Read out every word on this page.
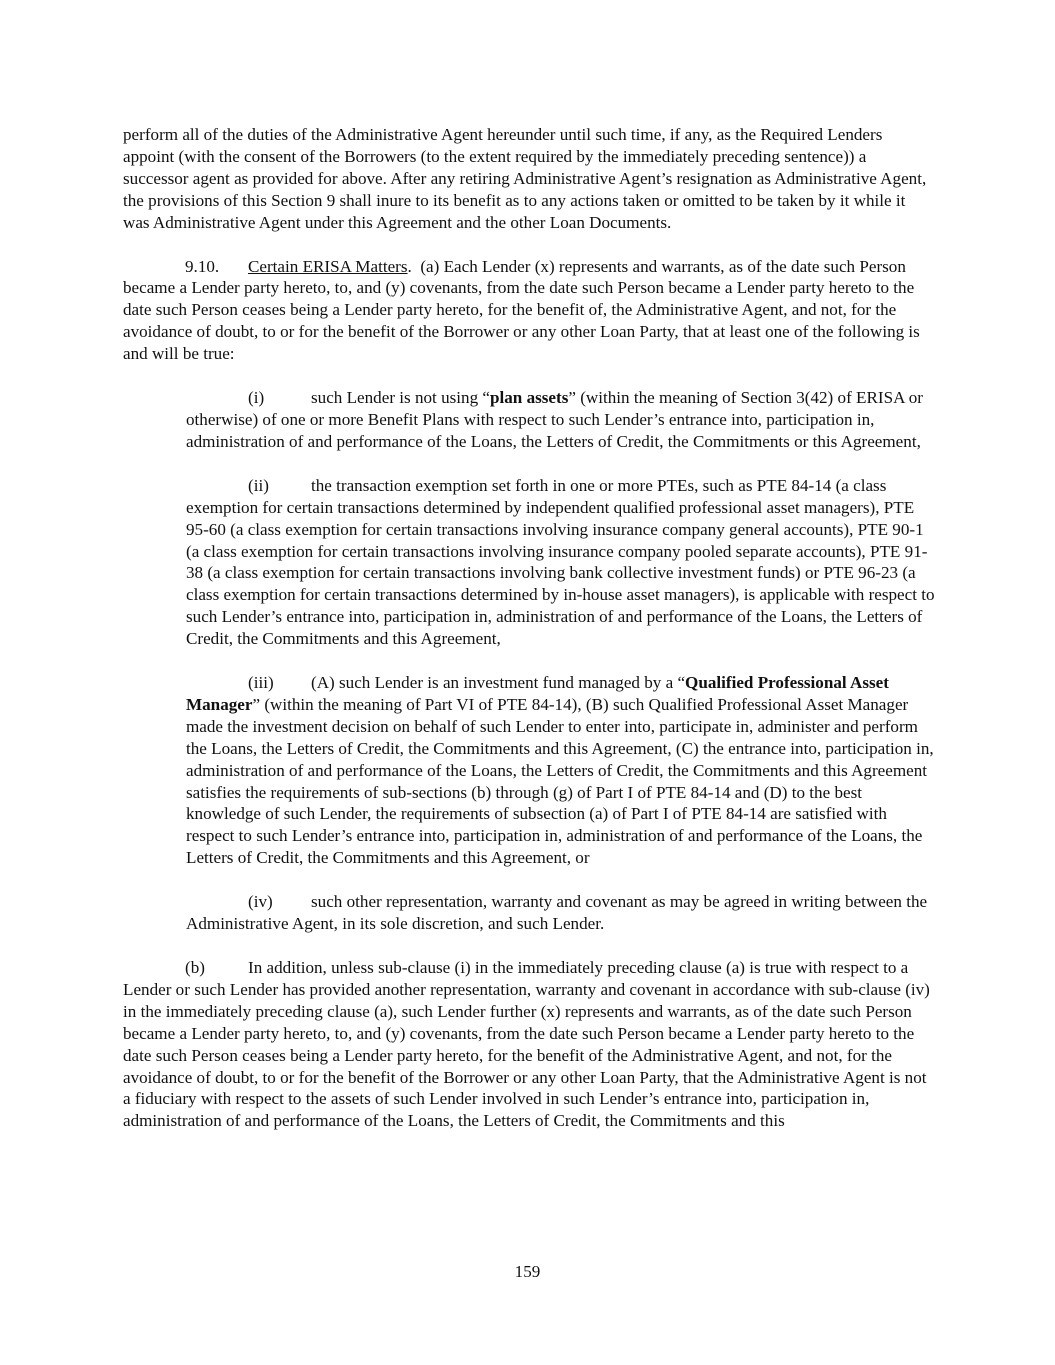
perform all of the duties of the Administrative Agent hereunder until such time, if any, as the Required Lenders appoint (with the consent of the Borrowers (to the extent required by the immediately preceding sentence)) a successor agent as provided for above. After any retiring Administrative Agent’s resignation as Administrative Agent, the provisions of this Section 9 shall inure to its benefit as to any actions taken or omitted to be taken by it while it was Administrative Agent under this Agreement and the other Loan Documents.

9.10. Certain ERISA Matters. (a) Each Lender (x) represents and warrants, as of the date such Person became a Lender party hereto, to, and (y) covenants, from the date such Person became a Lender party hereto to the date such Person ceases being a Lender party hereto, for the benefit of, the Administrative Agent, and not, for the avoidance of doubt, to or for the benefit of the Borrower or any other Loan Party, that at least one of the following is and will be true:

(i)	such Lender is not using “plan assets” (within the meaning of Section 3(42) of ERISA or otherwise) of one or more Benefit Plans with respect to such Lender’s entrance into, participation in, administration of and performance of the Loans, the Letters of Credit, the Commitments or this Agreement,

(ii) the transaction exemption set forth in one or more PTEs, such as PTE 84-14 (a class exemption for certain transactions determined by independent qualified professional asset managers), PTE 95-60 (a class exemption for certain transactions involving insurance company general accounts), PTE 90-1 (a class exemption for certain transactions involving insurance company pooled separate accounts), PTE 91-38 (a class exemption for certain transactions involving bank collective investment funds) or PTE 96-23 (a class exemption for certain transactions determined by in-house asset managers), is applicable with respect to such Lender’s entrance into, participation in, administration of and performance of the Loans, the Letters of Credit, the Commitments and this Agreement,

(iii) (A) such Lender is an investment fund managed by a “Qualified Professional Asset Manager” (within the meaning of Part VI of PTE 84-14), (B) such Qualified Professional Asset Manager made the investment decision on behalf of such Lender to enter into, participate in, administer and perform the Loans, the Letters of Credit, the Commitments and this Agreement, (C) the entrance into, participation in, administration of and performance of the Loans, the Letters of Credit, the Commitments and this Agreement satisfies the requirements of sub-sections (b) through (g) of Part I of PTE 84-14 and (D) to the best knowledge of such Lender, the requirements of subsection (a) of Part I of PTE 84-14 are satisfied with respect to such Lender’s entrance into, participation in, administration of and performance of the Loans, the Letters of Credit, the Commitments and this Agreement, or

(iv) such other representation, warranty and covenant as may be agreed in writing between the Administrative Agent, in its sole discretion, and such Lender.

(b)	In addition, unless sub-clause (i) in the immediately preceding clause (a) is true with respect to a Lender or such Lender has provided another representation, warranty and covenant in accordance with sub-clause (iv) in the immediately preceding clause (a), such Lender further (x) represents and warrants, as of the date such Person became a Lender party hereto, to, and (y) covenants, from the date such Person became a Lender party hereto to the date such Person ceases being a Lender party hereto, for the benefit of the Administrative Agent, and not, for the avoidance of doubt, to or for the benefit of the Borrower or any other Loan Party, that the Administrative Agent is not a fiduciary with respect to the assets of such Lender involved in such Lender’s entrance into, participation in, administration of and performance of the Loans, the Letters of Credit, the Commitments and this

159
